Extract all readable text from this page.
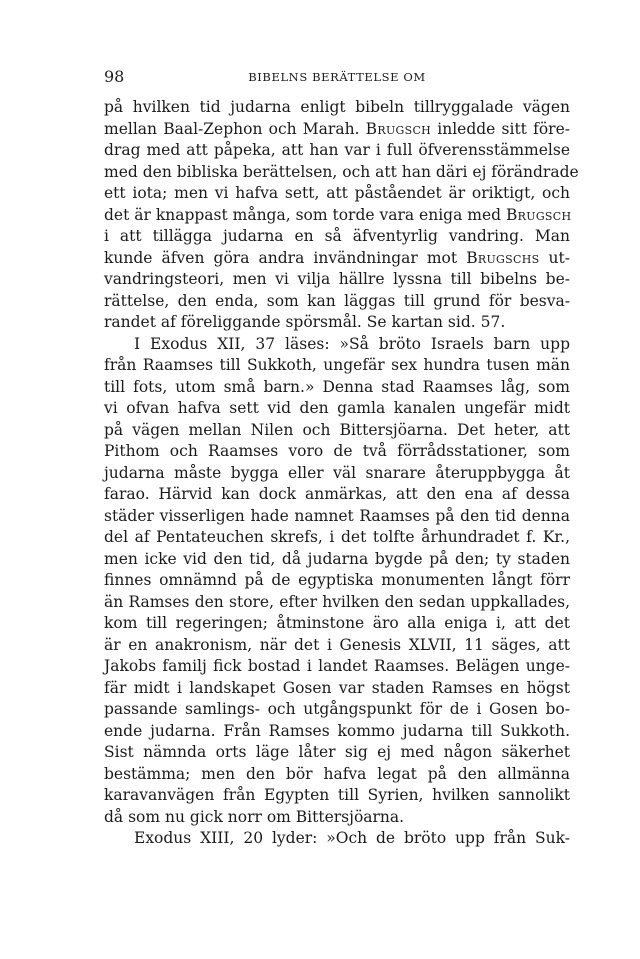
98	BIBELNS BERÄTTELSE OM
på hvilken tid judarna enligt bibeln tillryggalade vägen
mellan Baal-Zephon och Marah. Brugsch inledde sitt före-
drag med att påpeka, att han var i full öfverensstämmelse
med den bibliska berättelsen, och att han däri ej förändrade
ett iota; men vi hafva sett, att påståendet är oriktigt, och
det är knappast många, som torde vara eniga med Brugsch
i att tillägga judarna en så äfventyrlig vandring. Man
kunde äfven göra andra invändningar mot Brugschs ut-
vandringsteori, men vi vilja hällre lyssna till bibelns be-
rättelse, den enda, som kan läggas till grund för besva-
randet af föreliggande spörsmål. Se kartan sid. 57.
I Exodus XII, 37 läses: »Så bröto Israels barn upp
från Raamses till Sukkoth, ungefär sex hundra tusen män
till fots, utom små barn.» Denna stad Raamses låg, som
vi ofvan hafva sett vid den gamla kanalen ungefär midt
på vägen mellan Nilen och Bittersjöarna. Det heter, att
Pithom och Raamses voro de två förrådsstationer, som
judarna måste bygga eller väl snarare återuppbygga åt
farao. Härvid kan dock anmärkas, att den ena af dessa
städer visserligen hade namnet Raamses på den tid denna
del af Pentateuchen skrefs, i det tolfte århundradet f. Kr.,
men icke vid den tid, då judarna bygde på den; ty staden
finnes omnämnd på de egyptiska monumenten långt förr
än Ramses den store, efter hvilken den sedan uppkallades,
kom till regeringen; åtminstone äro alla eniga i, att det
är en anakronism, när det i Genesis XLVII, 11 säges, att
Jakobs familj fick bostad i landet Raamses. Belägen unge-
fär midt i landskapet Gosen var staden Ramses en högst
passande samlings- och utgångspunkt för de i Gosen bo-
ende judarna. Från Ramses kommo judarna till Sukkoth.
Sist nämnda orts läge låter sig ej med någon säkerhet
bestämma; men den bör hafva legat på den allmänna
karavanvägen från Egypten till Syrien, hvilken sannolikt
då som nu gick norr om Bittersjöarna.
Exodus XIII, 20 lyder: »Och de bröto upp från Suk-
